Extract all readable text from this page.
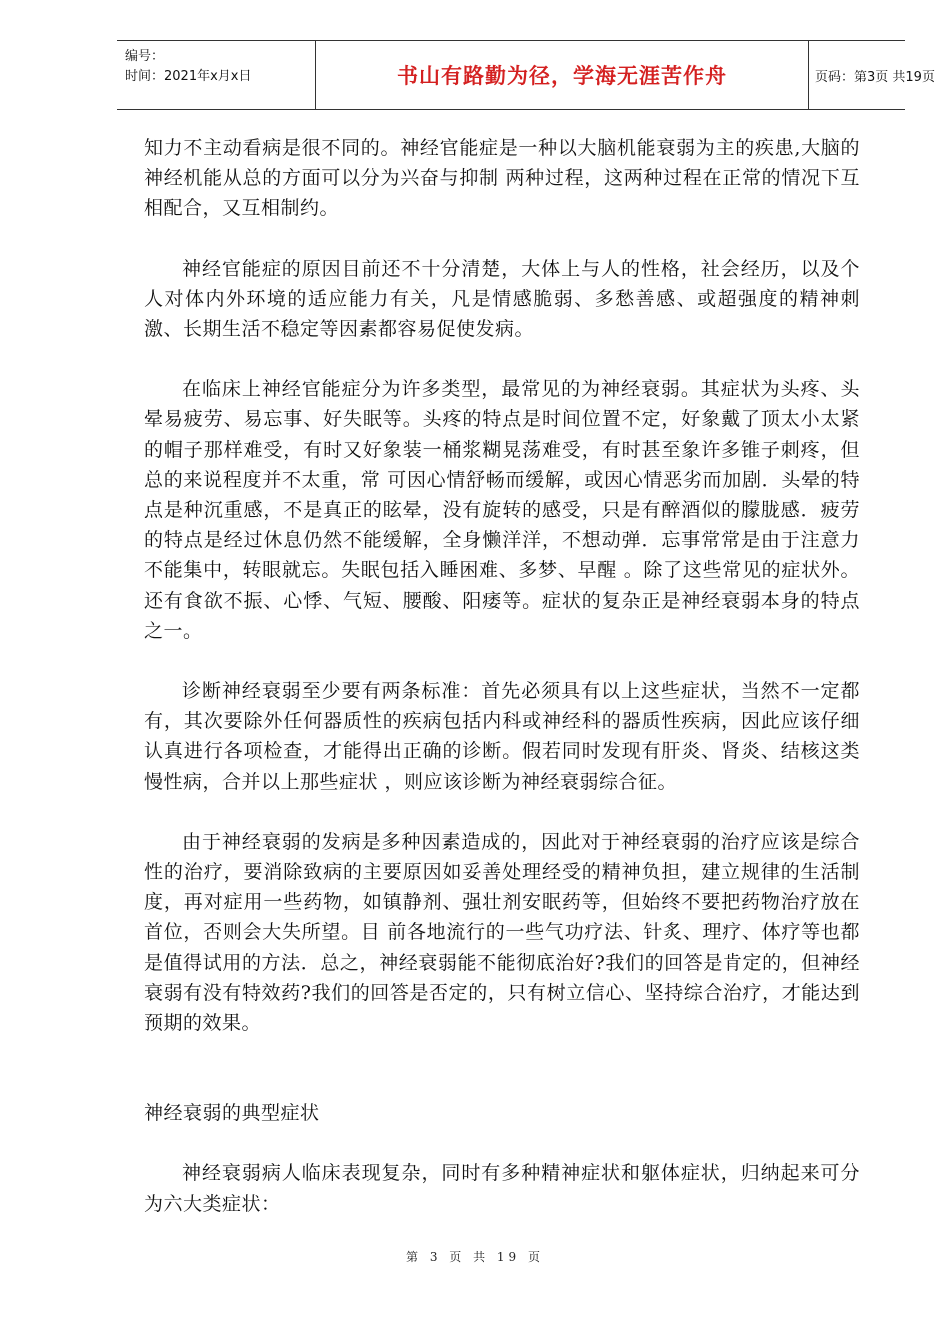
编号：
时间：2021年x月x日	书山有路勤为径，学海无涯苦作舟	页码：第3页 共19页

知力不主动看病是很不同的。神经官能症是一种以大脑机能衰弱为主的疾患,大脑的神经机能从总的方面可以分为兴奋与抑制 两种过程，这两种过程在正常的情况下互相配合，又互相制约。

神经官能症的原因目前还不十分清楚，大体上与人的性格，社会经历，以及个人对体内外环境的适应能力有关，凡是情感脆弱、多愁善感、或超强度的精神刺激、长期生活不稳定等因素都容易促使发病。

在临床上神经官能症分为许多类型，最常见的为神经衰弱。其症状为头疼、头晕易疲劳、易忘事、好失眠等。头疼的特点是时间位置不定，好象戴了顶太小太紧的帽子那样难受，有时又好象装一桶浆糊晃荡难受，有时甚至象许多锥子刺疼，但总的来说程度并不太重，常 可因心情舒畅而缓解，或因心情恶劣而加剧．头晕的特点是种沉重感，不是真正的眩晕，没有旋转的感受，只是有醉酒似的朦胧感．疲劳的特点是经过休息仍然不能缓解，全身懒洋洋，不想动弹．忘事常常是由于注意力不能集中，转眼就忘。失眠包括入睡困难、多梦、早醒 。除了这些常见的症状外。还有食欲不振、心悸、气短、腰酸、阳痿等。症状的复杂正是神经衰弱本身的特点之一。

诊断神经衰弱至少要有两条标准：首先必须具有以上这些症状，当然不一定都有，其次要除外任何器质性的疾病包括内科或神经科的器质性疾病，因此应该仔细认真进行各项检查，才能得出正确的诊断。假若同时发现有肝炎、肾炎、结核这类慢性病，合并以上那些症状 ，则应该诊断为神经衰弱综合征。

由于神经衰弱的发病是多种因素造成的，因此对于神经衰弱的治疗应该是综合性的治疗，要消除致病的主要原因如妥善处理经受的精神负担，建立规律的生活制度，再对症用一些药物，如镇静剂、强壮剂安眠药等，但始终不要把药物治疗放在首位，否则会大失所望。目 前各地流行的一些气功疗法、针炙、理疗、体疗等也都是值得试用的方法．总之，神经衰弱能不能彻底治好?我们的回答是肯定的，但神经衰弱有没有特效药?我们的回答是否定的，只有树立信心、坚持综合治疗，才能达到预期的效果。

神经衰弱的典型症状

神经衰弱病人临床表现复杂，同时有多种精神症状和躯体症状，归纳起来可分为六大类症状：

第 3 页 共 19 页
